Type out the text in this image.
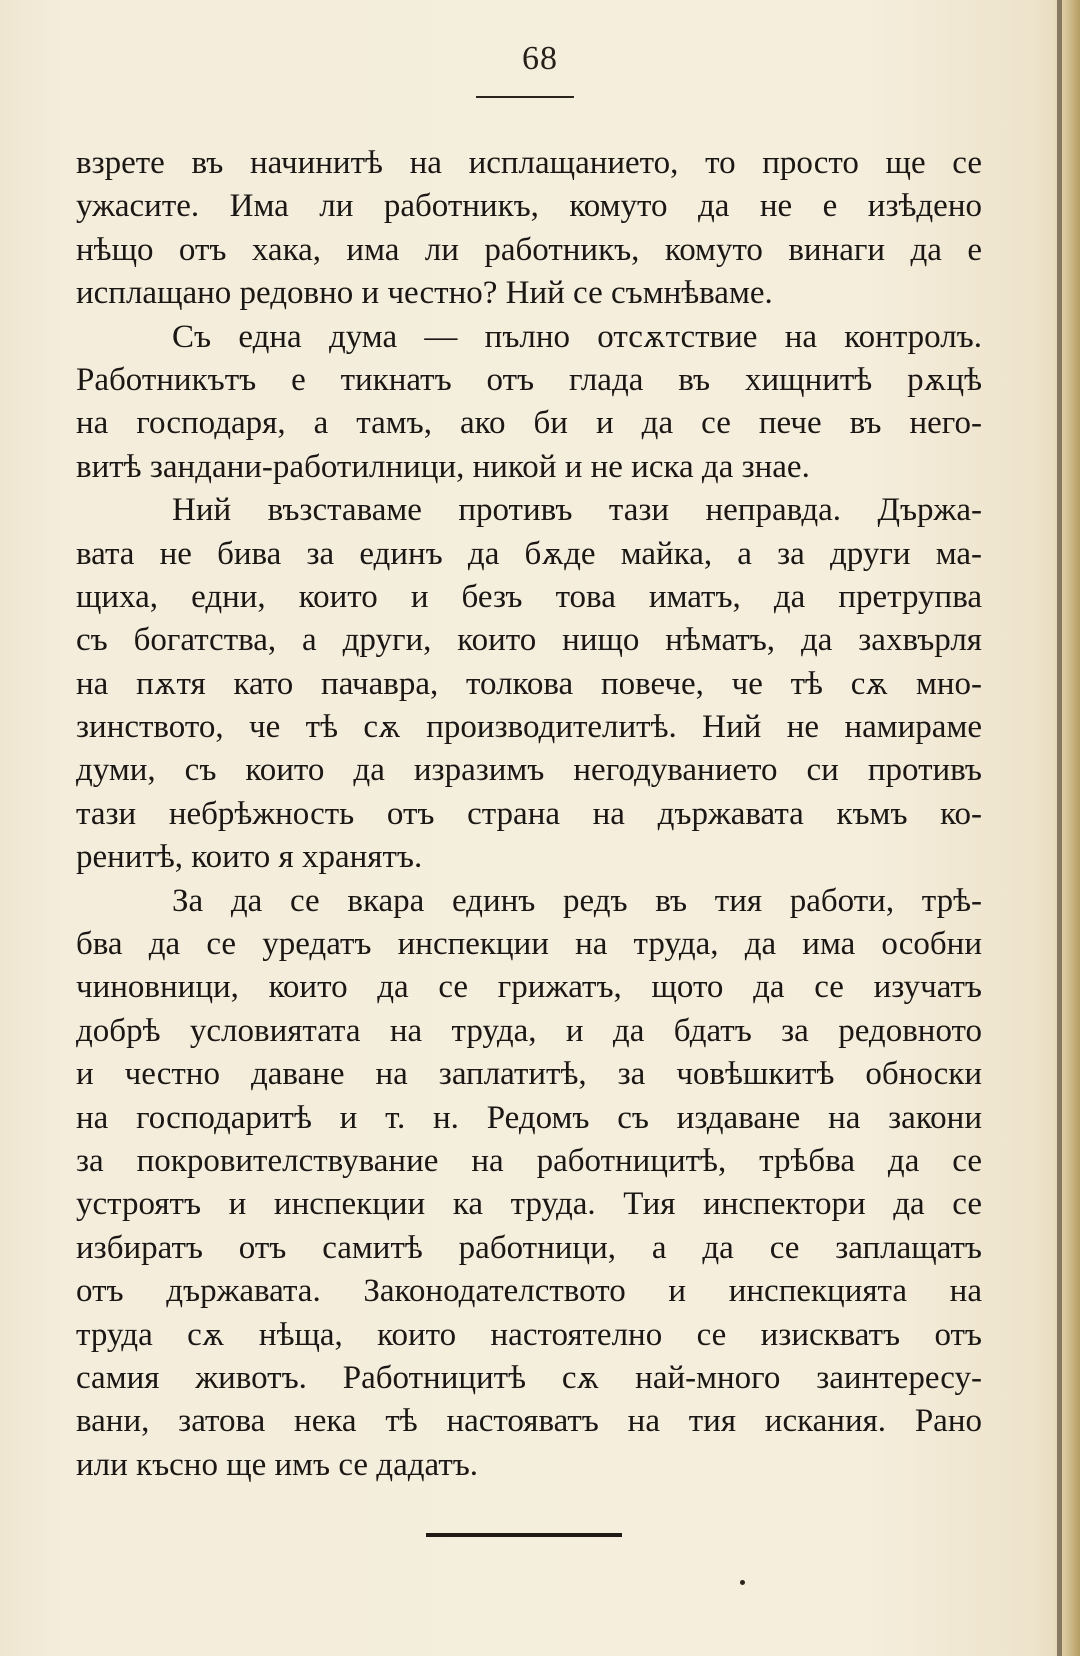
68
взрете въ начинитѣ на исплащанието, то просто ще се
ужасите. Има ли работникъ, комуто да не е изѣдено
нѣщо отъ хака, има ли работникъ, комуто винаги да е
исплащано редовно и честно? Ний се съмнѣваме.
Съ една дума — пълно отсѫтствие на контролъ.
Работникътъ е тикнатъ отъ глада въ хищнитѣ рѫцѣ
на господаря, а тамъ, ако би и да се пече въ него-
витѣ зандани-работилници, никой и не иска да знае.
Ний възставаме противъ тази неправда. Държа-
вата не бива за единъ да бѫде майка, а за други ма-
щиха, едни, които и безъ това иматъ, да претрупва
съ богатства, а други, които нищо нѣматъ, да захвърля
на пѫтя като пачавра, толкова повече, че тѣ сѫ мно-
зинството, че тѣ сѫ производителитѣ. Ний не намираме
думи, съ които да изразимъ негодуванието си противъ
тази небрѣжность отъ страна на държавата къмъ ко-
ренитѣ, които я хранятъ.
За да се вкара единъ редъ въ тия работи, трѣ-
бва да се уредатъ инспекции на труда, да има особни
чиновници, които да се грижатъ, щото да се изучатъ
добрѣ условиятата на труда, и да бдатъ за редовното
и честно даване на заплатитѣ, за човѣшкитѣ обноски
на господаритѣ и т. н. Редомъ съ издаване на закони
за покровителствувание на работницитѣ, трѣбва да се
устроятъ и инспекции ка труда. Тия инспектори да се
избиратъ отъ самитѣ работници, а да се заплащатъ
отъ държавата. Законодателството и инспекцията на
труда сѫ нѣща, които настоятелно се изискватъ отъ
самия животъ. Работницитѣ сѫ най-много заинтересу-
вани, затова нека тѣ настояватъ на тия искания. Рано
или късно ще имъ се дадатъ.
